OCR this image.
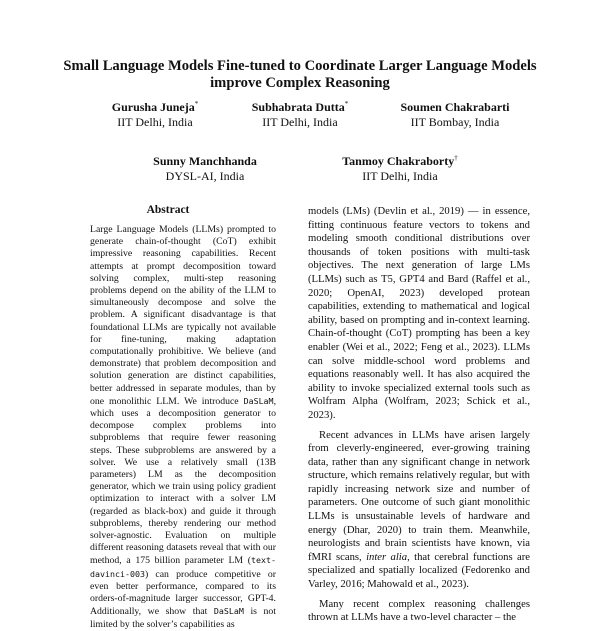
Small Language Models Fine-tuned to Coordinate Larger Language Models improve Complex Reasoning
Gurusha Juneja*
IIT Delhi, India
Subhabrata Dutta*
IIT Delhi, India
Soumen Chakrabarti
IIT Bombay, India
Sunny Manchhanda
DYSL-AI, India
Tanmoy Chakraborty†
IIT Delhi, India
Abstract
Large Language Models (LLMs) prompted to generate chain-of-thought (CoT) exhibit impressive reasoning capabilities. Recent attempts at prompt decomposition toward solving complex, multi-step reasoning problems depend on the ability of the LLM to simultaneously decompose and solve the problem. A significant disadvantage is that foundational LLMs are typically not available for fine-tuning, making adaptation computationally prohibitive. We believe (and demonstrate) that problem decomposition and solution generation are distinct capabilities, better addressed in separate modules, than by one monolithic LLM. We introduce DaSLaM, which uses a decomposition generator to decompose complex problems into subproblems that require fewer reasoning steps. These subproblems are answered by a solver. We use a relatively small (13B parameters) LM as the decomposition generator, which we train using policy gradient optimization to interact with a solver LM (regarded as black-box) and guide it through subproblems, thereby rendering our method solver-agnostic. Evaluation on multiple different reasoning datasets reveal that with our method, a 175 billion parameter LM (text-davinci-003) can produce competitive or even better performance, compared to its orders-of-magnitude larger successor, GPT-4. Additionally, we show that DaSLaM is not limited by the solver’s capabilities as

models (LMs) (Devlin et al., 2019) — in essence, fitting continuous feature vectors to tokens and modeling smooth conditional distributions over thousands of token positions with multi-task objectives. The next generation of large LMs (LLMs) such as T5, GPT4 and Bard (Raffel et al., 2020; OpenAI, 2023) developed protean capabilities, extending to mathematical and logical ability, based on prompting and in-context learning. Chain-of-thought (CoT) prompting has been a key enabler (Wei et al., 2022; Feng et al., 2023). LLMs can solve middle-school word problems and equations reasonably well. It has also acquired the ability to invoke specialized external tools such as Wolfram Alpha (Wolfram, 2023; Schick et al., 2023).

Recent advances in LLMs have arisen largely from cleverly-engineered, ever-growing training data, rather than any significant change in network structure, which remains relatively regular, but with rapidly increasing network size and number of parameters. One outcome of such giant monolithic LLMs is unsustainable levels of hardware and energy (Dhar, 2020) to train them. Meanwhile, neurologists and brain scientists have known, via fMRI scans, inter alia, that cerebral functions are specialized and spatially localized (Fedorenko and Varley, 2016; Mahowald et al., 2023).

Many recent complex reasoning challenges thrown at LLMs have a two-level character – the
